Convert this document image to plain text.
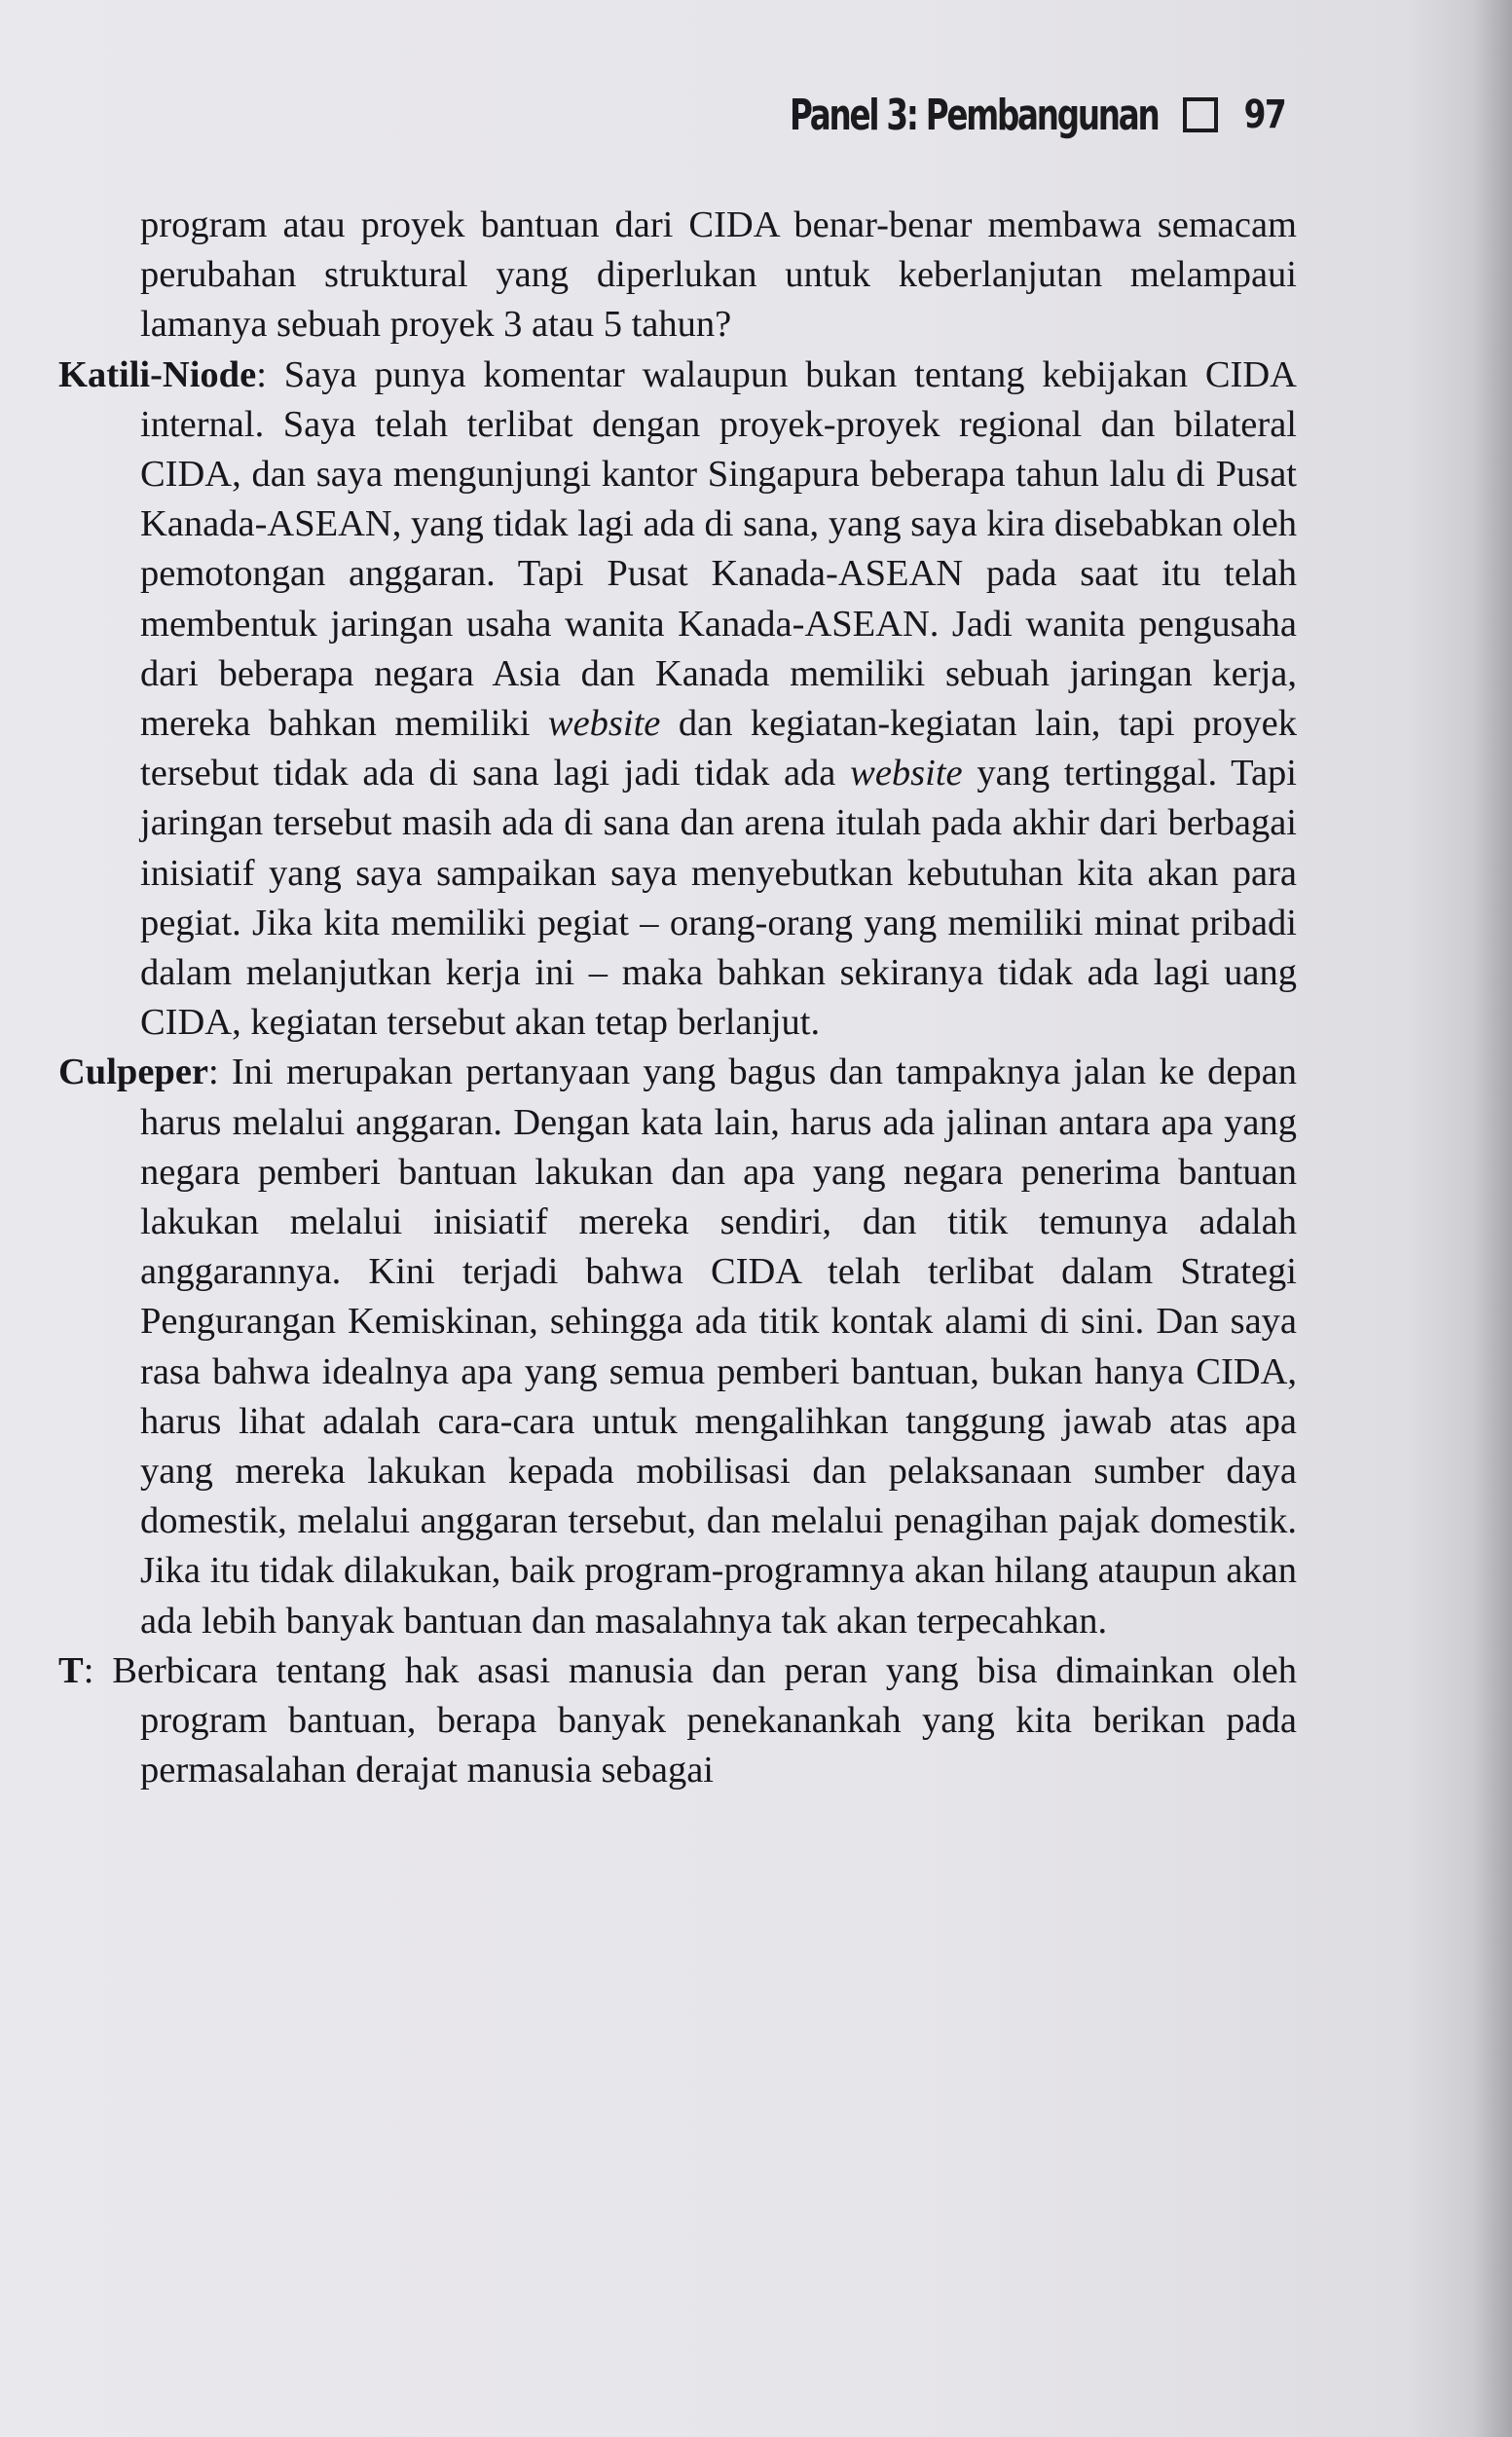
Panel 3: Pembangunan 97

program atau proyek bantuan dari CIDA benar-benar membawa semacam perubahan struktural yang diperlukan untuk keberlanjutan melampaui lamanya sebuah proyek 3 atau 5 tahun?

Katili-Niode: Saya punya komentar walaupun bukan tentang kebijakan CIDA internal. Saya telah terlibat dengan proyek-proyek regional dan bilateral CIDA, dan saya mengunjungi kantor Singapura beberapa tahun lalu di Pusat Kanada-ASEAN, yang tidak lagi ada di sana, yang saya kira disebabkan oleh pemotongan anggaran. Tapi Pusat Kanada-ASEAN pada saat itu telah membentuk jaringan usaha wanita Kanada-ASEAN. Jadi wanita pengusaha dari beberapa negara Asia dan Kanada memiliki sebuah jaringan kerja, mereka bahkan memiliki website dan kegiatan-kegiatan lain, tapi proyek tersebut tidak ada di sana lagi jadi tidak ada website yang tertinggal. Tapi jaringan tersebut masih ada di sana dan arena itulah pada akhir dari berbagai inisiatif yang saya sampaikan saya menyebutkan kebutuhan kita akan para pegiat. Jika kita memiliki pegiat – orang-orang yang memiliki minat pribadi dalam melanjutkan kerja ini – maka bahkan sekiranya tidak ada lagi uang CIDA, kegiatan tersebut akan tetap berlanjut.

Culpeper: Ini merupakan pertanyaan yang bagus dan tampaknya jalan ke depan harus melalui anggaran. Dengan kata lain, harus ada jalinan antara apa yang negara pemberi bantuan lakukan dan apa yang negara penerima bantuan lakukan melalui inisiatif mereka sendiri, dan titik temunya adalah anggarannya. Kini terjadi bahwa CIDA telah terlibat dalam Strategi Pengurangan Kemiskinan, sehingga ada titik kontak alami di sini. Dan saya rasa bahwa idealnya apa yang semua pemberi bantuan, bukan hanya CIDA, harus lihat adalah cara-cara untuk mengalihkan tanggung jawab atas apa yang mereka lakukan kepada mobilisasi dan pelaksanaan sumber daya domestik, melalui anggaran tersebut, dan melalui penagihan pajak domestik. Jika itu tidak dilakukan, baik program-programnya akan hilang ataupun akan ada lebih banyak bantuan dan masalahnya tak akan terpecahkan.

T: Berbicara tentang hak asasi manusia dan peran yang bisa dimainkan oleh program bantuan, berapa banyak penekanankah yang kita berikan pada permasalahan derajat manusia sebagai
